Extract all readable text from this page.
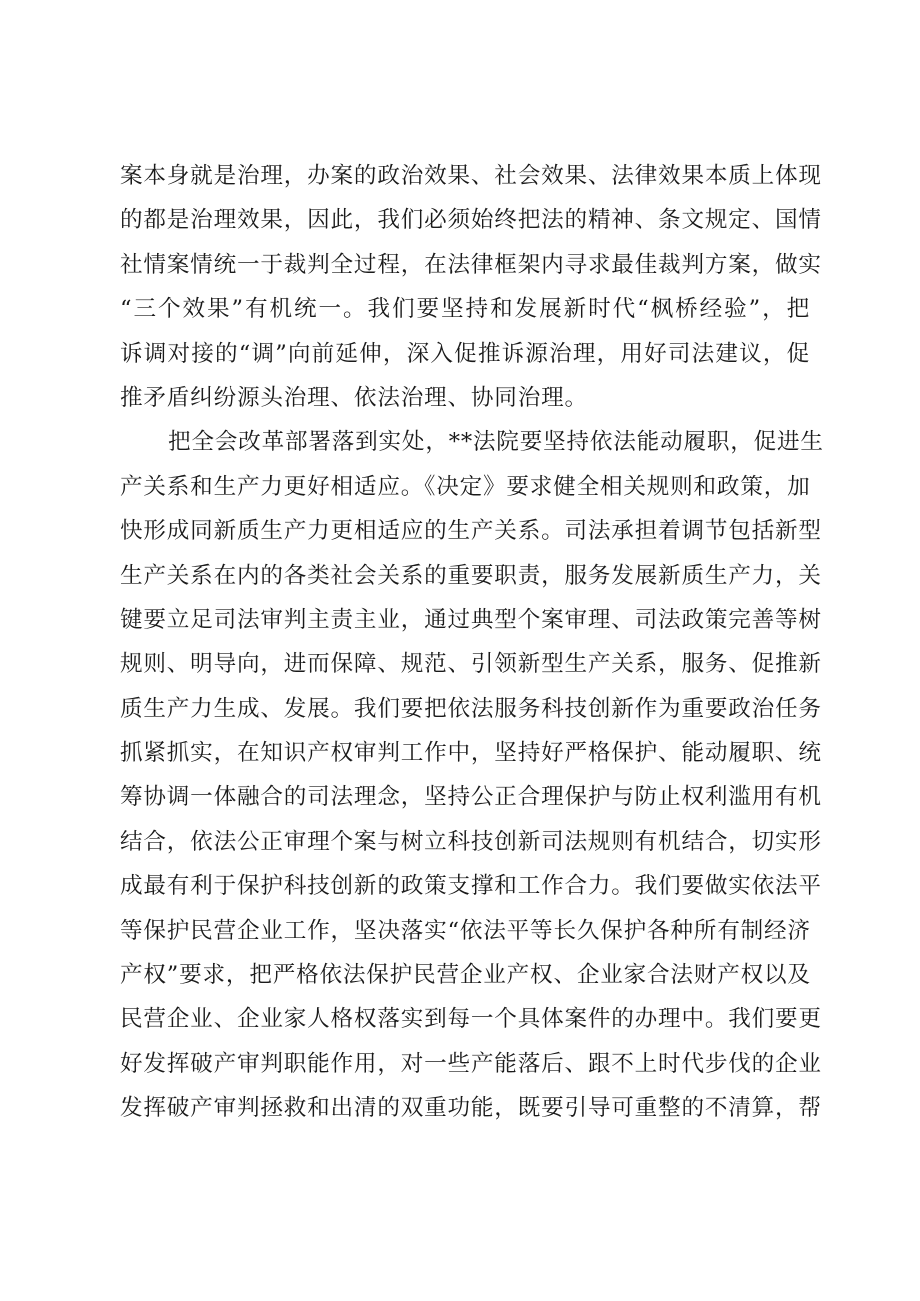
案本身就是治理，办案的政治效果、社会效果、法律效果本质上体现
的都是治理效果，因此，我们必须始终把法的精神、条文规定、国情
社情案情统一于裁判全过程，在法律框架内寻求最佳裁判方案，做实
“三个效果”有机统一。我们要坚持和发展新时代“枫桥经验”，把
诉调对接的“调”向前延伸，深入促推诉源治理，用好司法建议，促
推矛盾纠纷源头治理、依法治理、协同治理。
把全会改革部署落到实处，**法院要坚持依法能动履职，促进生
产关系和生产力更好相适应。《决定》要求健全相关规则和政策，加
快形成同新质生产力更相适应的生产关系。司法承担着调节包括新型
生产关系在内的各类社会关系的重要职责，服务发展新质生产力，关
键要立足司法审判主责主业，通过典型个案审理、司法政策完善等树
规则、明导向，进而保障、规范、引领新型生产关系，服务、促推新
质生产力生成、发展。我们要把依法服务科技创新作为重要政治任务
抓紧抓实，在知识产权审判工作中，坚持好严格保护、能动履职、统
筹协调一体融合的司法理念，坚持公正合理保护与防止权利滥用有机
结合，依法公正审理个案与树立科技创新司法规则有机结合，切实形
成最有利于保护科技创新的政策支撑和工作合力。我们要做实依法平
等保护民营企业工作，坚决落实“依法平等长久保护各种所有制经济
产权”要求，把严格依法保护民营企业产权、企业家合法财产权以及
民营企业、企业家人格权落实到每一个具体案件的办理中。我们要更
好发挥破产审判职能作用，对一些产能落后、跟不上时代步伐的企业
发挥破产审判拯救和出清的双重功能，既要引导可重整的不清算，帮
